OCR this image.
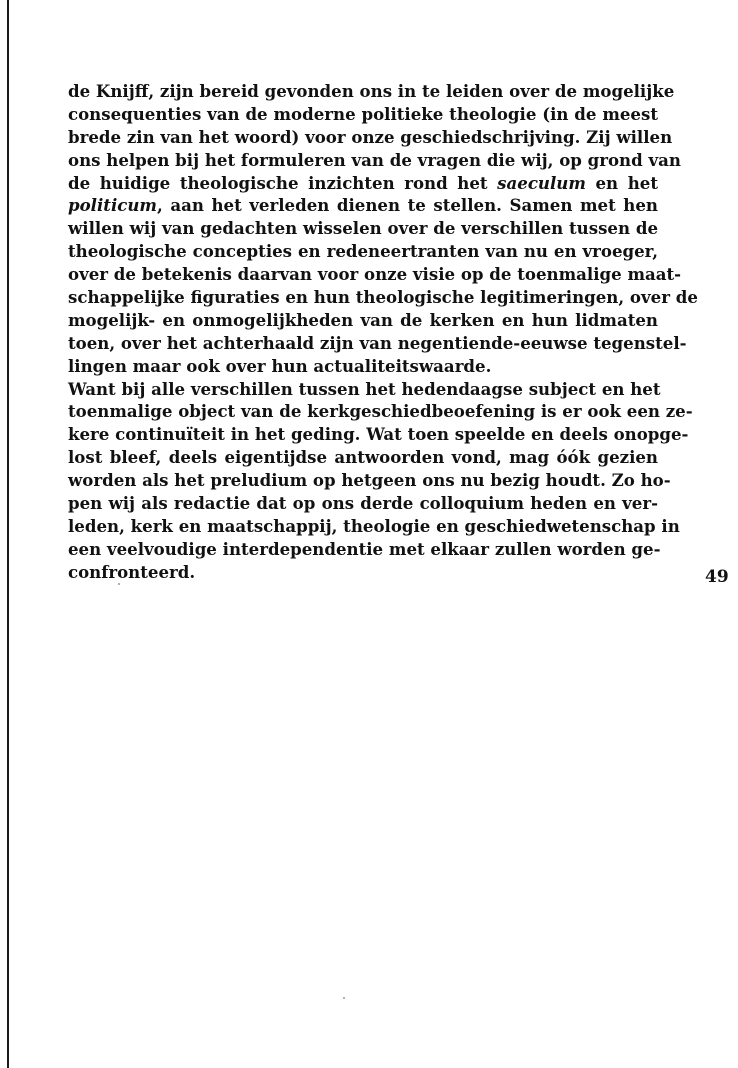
de Knijff, zijn bereid gevonden ons in te leiden over de mogelijke
consequenties van de moderne politieke theologie (in de meest
brede zin van het woord) voor onze geschiedschrijving. Zij willen
ons helpen bij het formuleren van de vragen die wij, op grond van
de huidige theologische inzichten rond het saeculum en het
politicum, aan het verleden dienen te stellen. Samen met hen
willen wij van gedachten wisselen over de verschillen tussen de
theologische concepties en redeneertranten van nu en vroeger,
over de betekenis daarvan voor onze visie op de toenmalige maat-
schappelijke figuraties en hun theologische legitimeringen, over de
mogelijk- en onmogelijkheden van de kerken en hun lidmaten
toen, over het achterhaald zijn van negentiende-eeuwse tegenstel-
lingen maar ook over hun actualiteitswaarde.
Want bij alle verschillen tussen het hedendaagse subject en het
toenmalige object van de kerkgeschiedbeoefening is er ook een ze-
kere continuïteit in het geding. Wat toen speelde en deels onopge-
lost bleef, deels eigentijdse antwoorden vond, mag óók gezien
worden als het preludium op hetgeen ons nu bezig houdt. Zo ho-
pen wij als redactie dat op ons derde colloquium heden en ver-
leden, kerk en maatschappij, theologie en geschiedwetenschap in
een veelvoudige interdependentie met elkaar zullen worden ge-
confronteerd.	49
